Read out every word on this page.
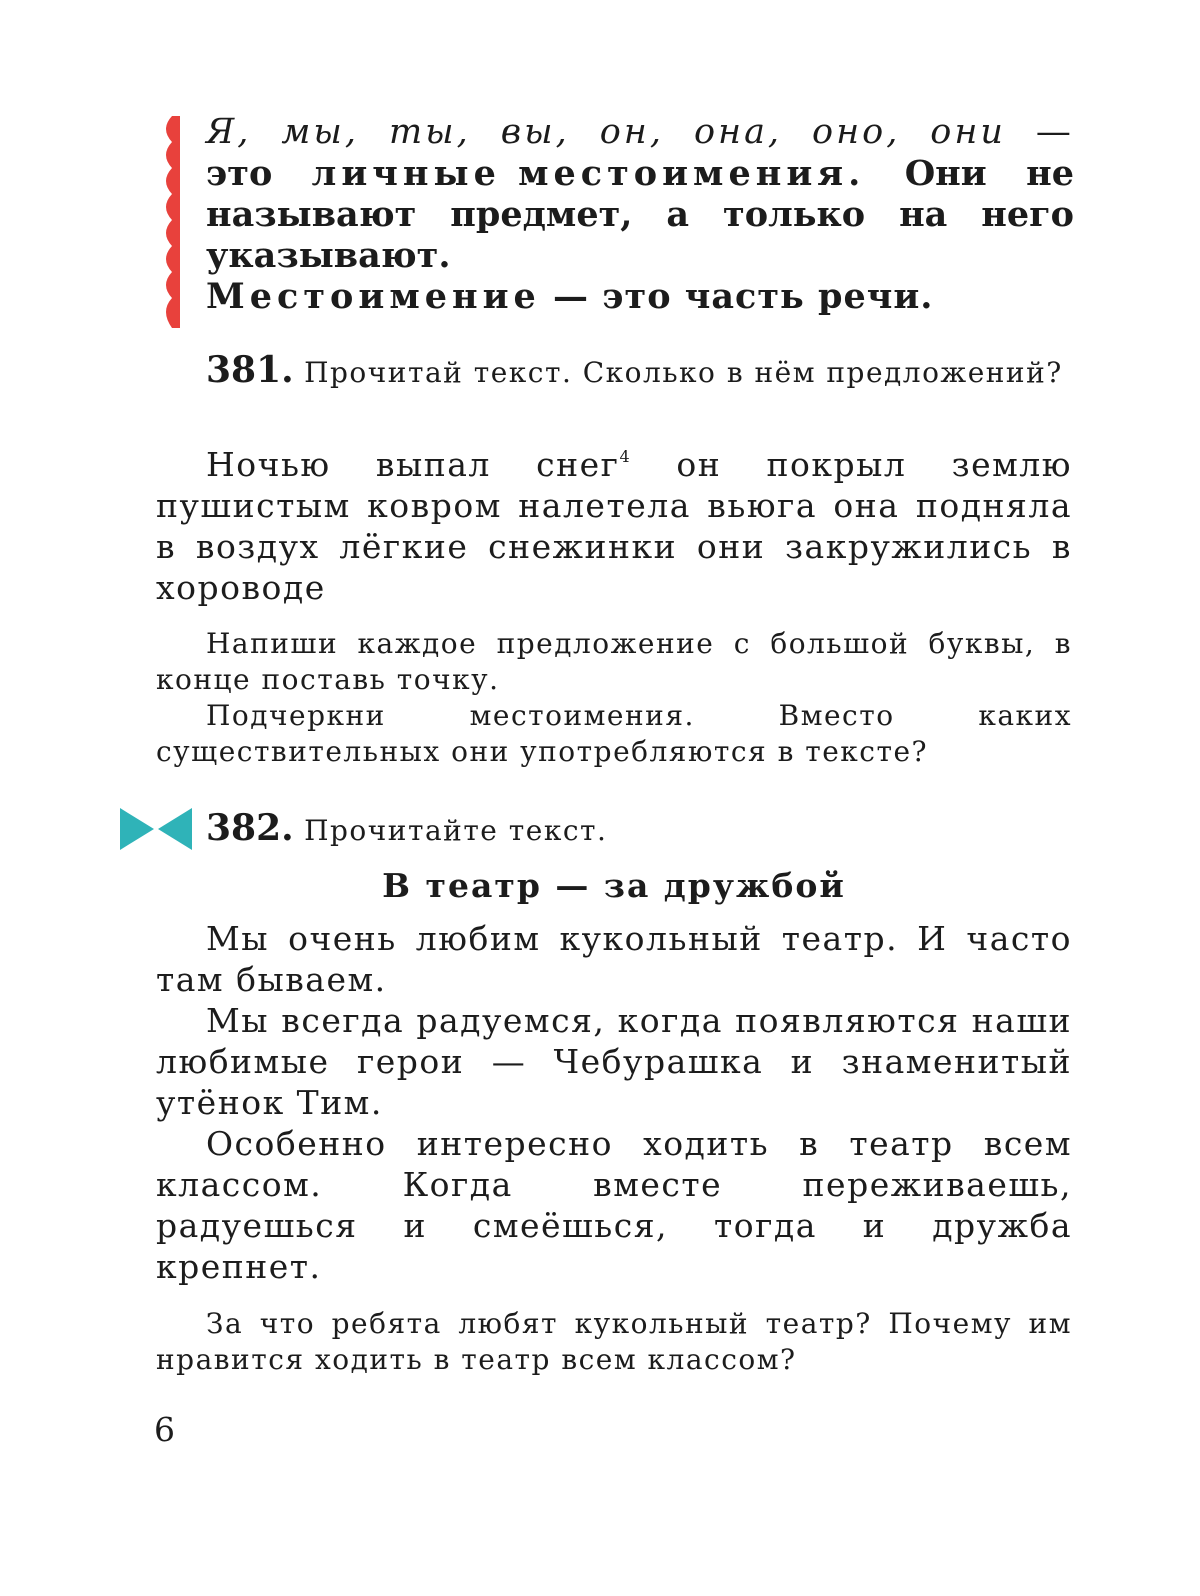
Я, мы, ты, вы, он, она, оно, они —
это личные местоимения. Они не
называют предмет, а только на него
указывают.
Местоимение — это часть речи.

381. Прочитай текст. Сколько в нём предложений?

Ночью выпал снег$^4$ он покрыл землю пушистым ковром налетела вьюга она подняла в воздух лёгкие снежинки они закружились в хороводе

Напиши каждое предложение с большой буквы, в конце поставь точку.

Подчеркни местоимения. Вместо каких существительных они употребляются в тексте?

382. Прочитайте текст.

В театр — за дружбой

Мы очень любим кукольный театр. И часто там бываем.

Мы всегда радуемся, когда появляются наши любимые герои — Чебурашка и знаменитый утёнок Тим.

Особенно интересно ходить в театр всем классом. Когда вместе переживаешь, радуешься и смеёшься, тогда и дружба крепнет.

За что ребята любят кукольный театр? Почему им нравится ходить в театр всем классом?

6
